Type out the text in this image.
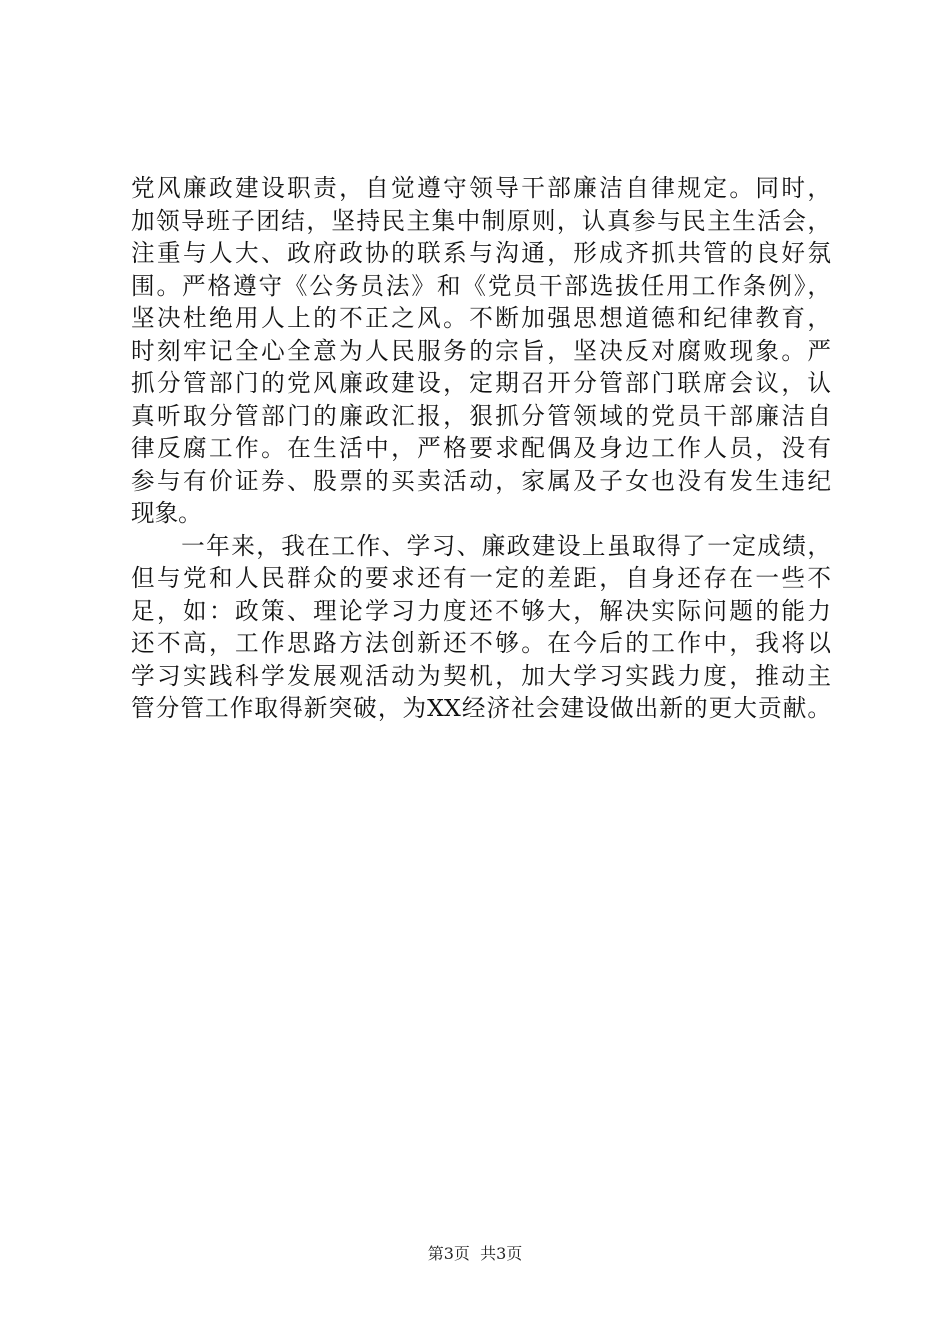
党风廉政建设职责，自觉遵守领导干部廉洁自律规定。同时，
加领导班子团结，坚持民主集中制原则，认真参与民主生活会，
注重与人大、政府政协的联系与沟通，形成齐抓共管的良好氛
围。严格遵守《公务员法》和《党员干部选拔任用工作条例》，
坚决杜绝用人上的不正之风。不断加强思想道德和纪律教育，
时刻牢记全心全意为人民服务的宗旨，坚决反对腐败现象。严
抓分管部门的党风廉政建设，定期召开分管部门联席会议，认
真听取分管部门的廉政汇报，狠抓分管领域的党员干部廉洁自
律反腐工作。在生活中，严格要求配偶及身边工作人员，没有
参与有价证券、股票的买卖活动，家属及子女也没有发生违纪
现象。
　　一年来，我在工作、学习、廉政建设上虽取得了一定成绩，
但与党和人民群众的要求还有一定的差距，自身还存在一些不
足，如：政策、理论学习力度还不够大，解决实际问题的能力
还不高，工作思路方法创新还不够。在今后的工作中，我将以
学习实践科学发展观活动为契机，加大学习实践力度，推动主
管分管工作取得新突破，为XX经济社会建设做出新的更大贡献。
第3页  共3页
